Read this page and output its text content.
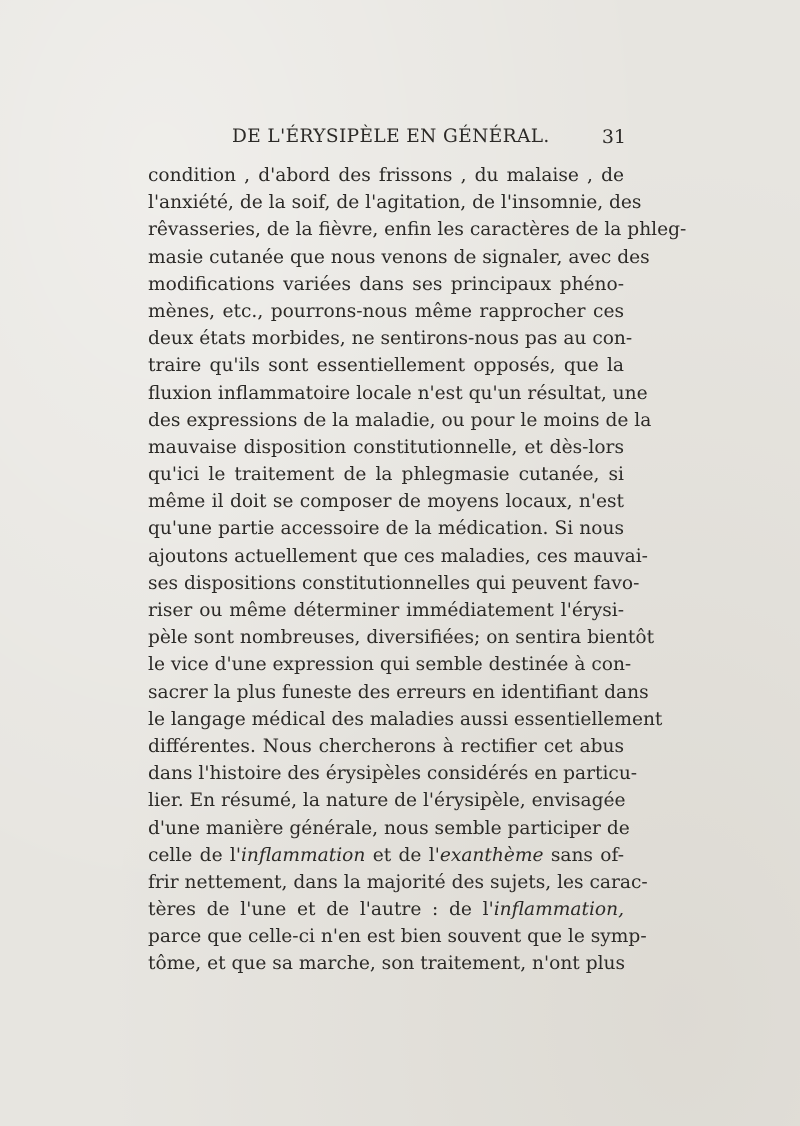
DE L'ÉRYSIPÈLE EN GÉNÉRAL.	31
condition , d'abord des frissons , du malaise , de
l'anxiété, de la soif, de l'agitation, de l'insomnie, des
rêvasseries, de la fièvre, enfin les caractères de la phleg-
masie cutanée que nous venons de signaler, avec des
modifications variées dans ses principaux phéno-
mènes, etc., pourrons-nous même rapprocher ces
deux états morbides, ne sentirons-nous pas au con-
traire qu'ils sont essentiellement opposés, que la
fluxion inflammatoire locale n'est qu'un résultat, une
des expressions de la maladie, ou pour le moins de la
mauvaise disposition constitutionnelle, et dès-lors
qu'ici le traitement de la phlegmasie cutanée, si
même il doit se composer de moyens locaux, n'est
qu'une partie accessoire de la médication. Si nous
ajoutons actuellement que ces maladies, ces mauvai-
ses dispositions constitutionnelles qui peuvent favo-
riser ou même déterminer immédiatement l'érysi-
pèle sont nombreuses, diversifiées; on sentira bientôt
le vice d'une expression qui semble destinée à con-
sacrer la plus funeste des erreurs en identifiant dans
le langage médical des maladies aussi essentiellement
différentes. Nous chercherons à rectifier cet abus
dans l'histoire des érysipèles considérés en particu-
lier. En résumé, la nature de l'érysipèle, envisagée
d'une manière générale, nous semble participer de
celle de l'inflammation et de l'exanthème sans of-
frir nettement, dans la majorité des sujets, les carac-
tères de l'une et de l'autre : de l'inflammation,
parce que celle-ci n'en est bien souvent que le symp-
tôme, et que sa marche, son traitement, n'ont plus
